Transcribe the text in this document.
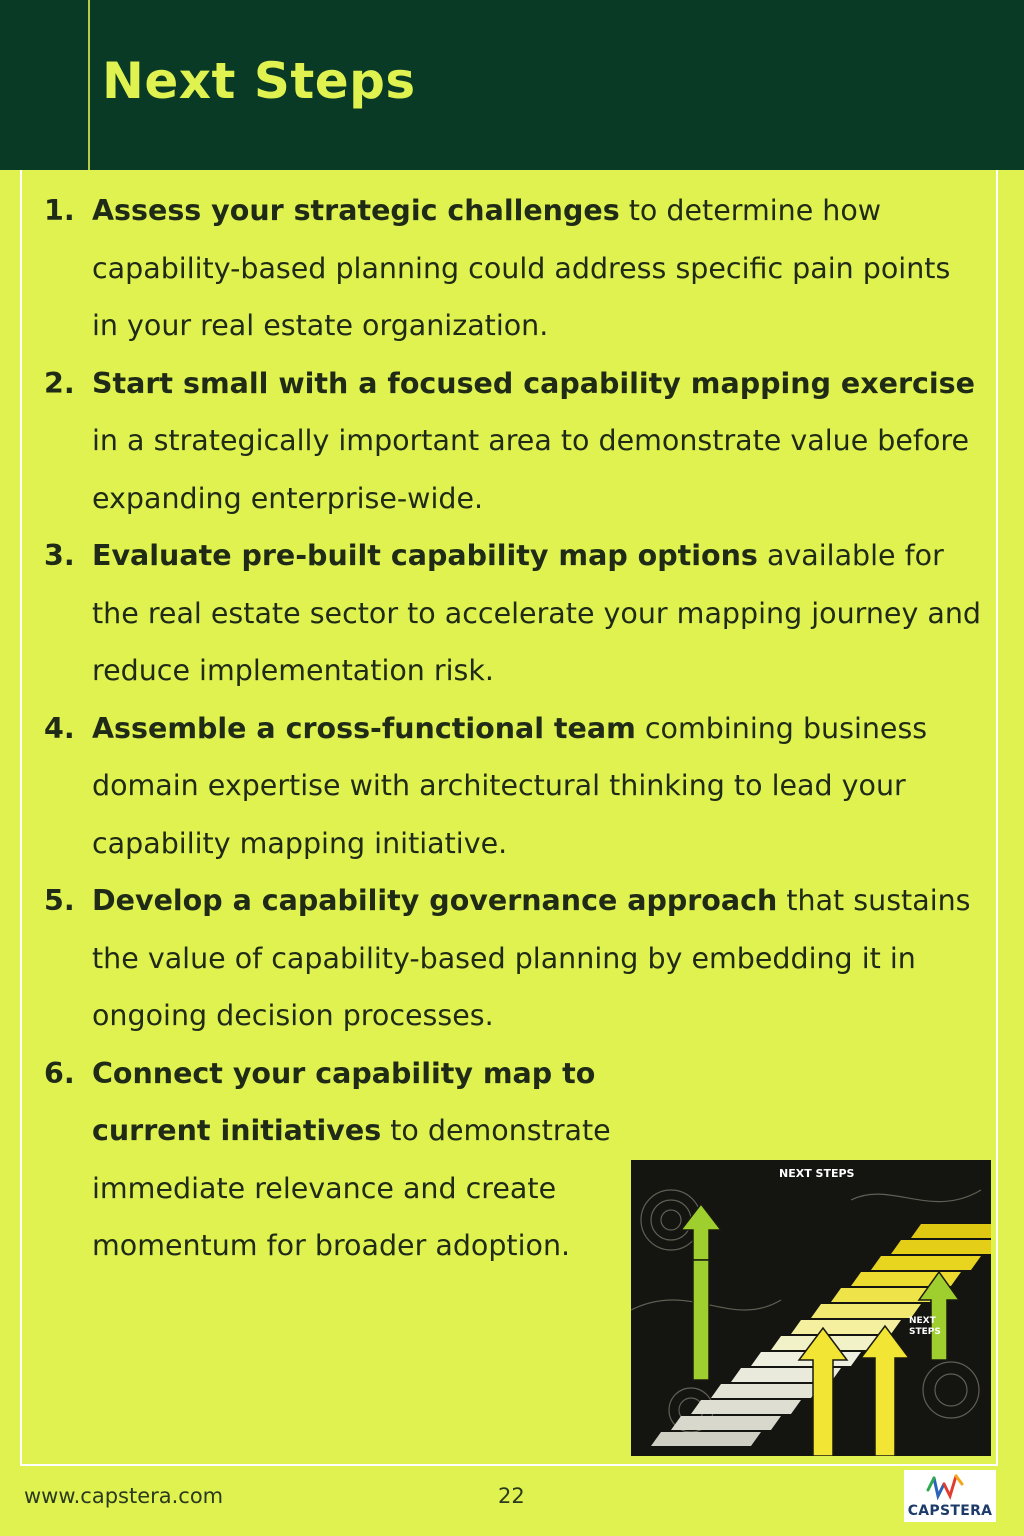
Next Steps
1. Assess your strategic challenges to determine how capability-based planning could address specific pain points in your real estate organization.
2. Start small with a focused capability mapping exercise in a strategically important area to demonstrate value before expanding enterprise-wide.
3. Evaluate pre-built capability map options available for the real estate sector to accelerate your mapping journey and reduce implementation risk.
4. Assemble a cross-functional team combining business domain expertise with architectural thinking to lead your capability mapping initiative.
5. Develop a capability governance approach that sustains the value of capability-based planning by embedding it in ongoing decision processes.
6. Connect your capability map to current initiatives to demonstrate immediate relevance and create momentum for broader adoption.
NEXT STEPS
NEXT
STEPS
www.capstera.com	22
CAPSTERA
